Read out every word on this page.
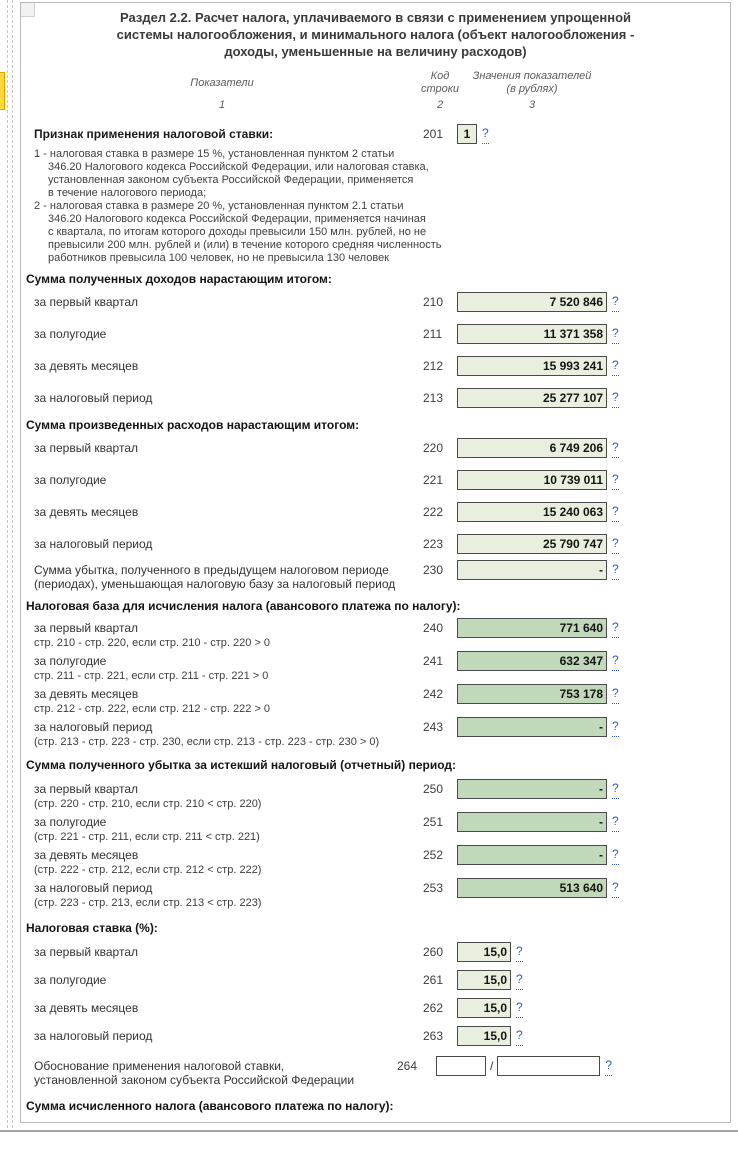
Раздел 2.2. Расчет налога, уплачиваемого в связи с применением упрощенной
системы налогообложения, и минимального налога (объект налогообложения -
доходы, уменьшенные на величину расходов)
Показатели
1
Код
строки
2
Значения показателей
(в рублях)
3
Признак применения налоговой ставки:	201	1 ?
1 - налоговая ставка в размере 15 %, установленная пунктом 2 статьи
346.20 Налогового кодекса Российской Федерации, или налоговая ставка,
установленная законом субъекта Российской Федерации, применяется
в течение налогового периода;
2 - налоговая ставка в размере 20 %, установленная пунктом 2.1 статьи
346.20 Налогового кодекса Российской Федерации, применяется начиная
с квартала, по итогам которого доходы превысили 150 млн. рублей, но не
превысили 200 млн. рублей и (или) в течение которого средняя численность
работников превысила 100 человек, но не превысила 130 человек
Сумма полученных доходов нарастающим итогом:
за первый квартал	210	7 520 846 ?
за полугодие	211	11 371 358 ?
за девять месяцев	212	15 993 241 ?
за налоговый период	213	25 277 107 ?
Сумма произведенных расходов нарастающим итогом:
за первый квартал	220	6 749 206 ?
за полугодие	221	10 739 011 ?
за девять месяцев	222	15 240 063 ?
за налоговый период	223	25 790 747 ?
Сумма убытка, полученного в предыдущем налоговом периоде
(периодах), уменьшающая налоговую базу за налоговый период
230	- ?
Налоговая база для исчисления налога (авансового платежа по налогу):
за первый квартал
стр. 210 - стр. 220, если стр. 210 - стр. 220 > 0
240	771 640 ?
за полугодие
стр. 211 - стр. 221, если стр. 211 - стр. 221 > 0
241	632 347 ?
за девять месяцев
стр. 212 - стр. 222, если стр. 212 - стр. 222 > 0
242	753 178 ?
за налоговый период
(стр. 213 - стр. 223 - стр. 230, если стр. 213 - стр. 223 - стр. 230 > 0)
243	- ?
Сумма полученного убытка за истекший налоговый (отчетный) период:
за первый квартал
(стр. 220 - стр. 210, если стр. 210 < стр. 220)
250	- ?
за полугодие
(стр. 221 - стр. 211, если стр. 211 < стр. 221)
251	- ?
за девять месяцев
(стр. 222 - стр. 212, если стр. 212 < стр. 222)
252	- ?
за налоговый период
(стр. 223 - стр. 213, если стр. 213 < стр. 223)
253	513 640 ?
Налоговая ставка (%):
за первый квартал	260	15,0 ?
за полугодие	261	15,0 ?
за девять месяцев	262	15,0 ?
за налоговый период	263	15,0 ?
Обоснование применения налоговой ставки,
установленной законом субъекта Российской Федерации
264	/	?
Сумма исчисленного налога (авансового платежа по налогу):
